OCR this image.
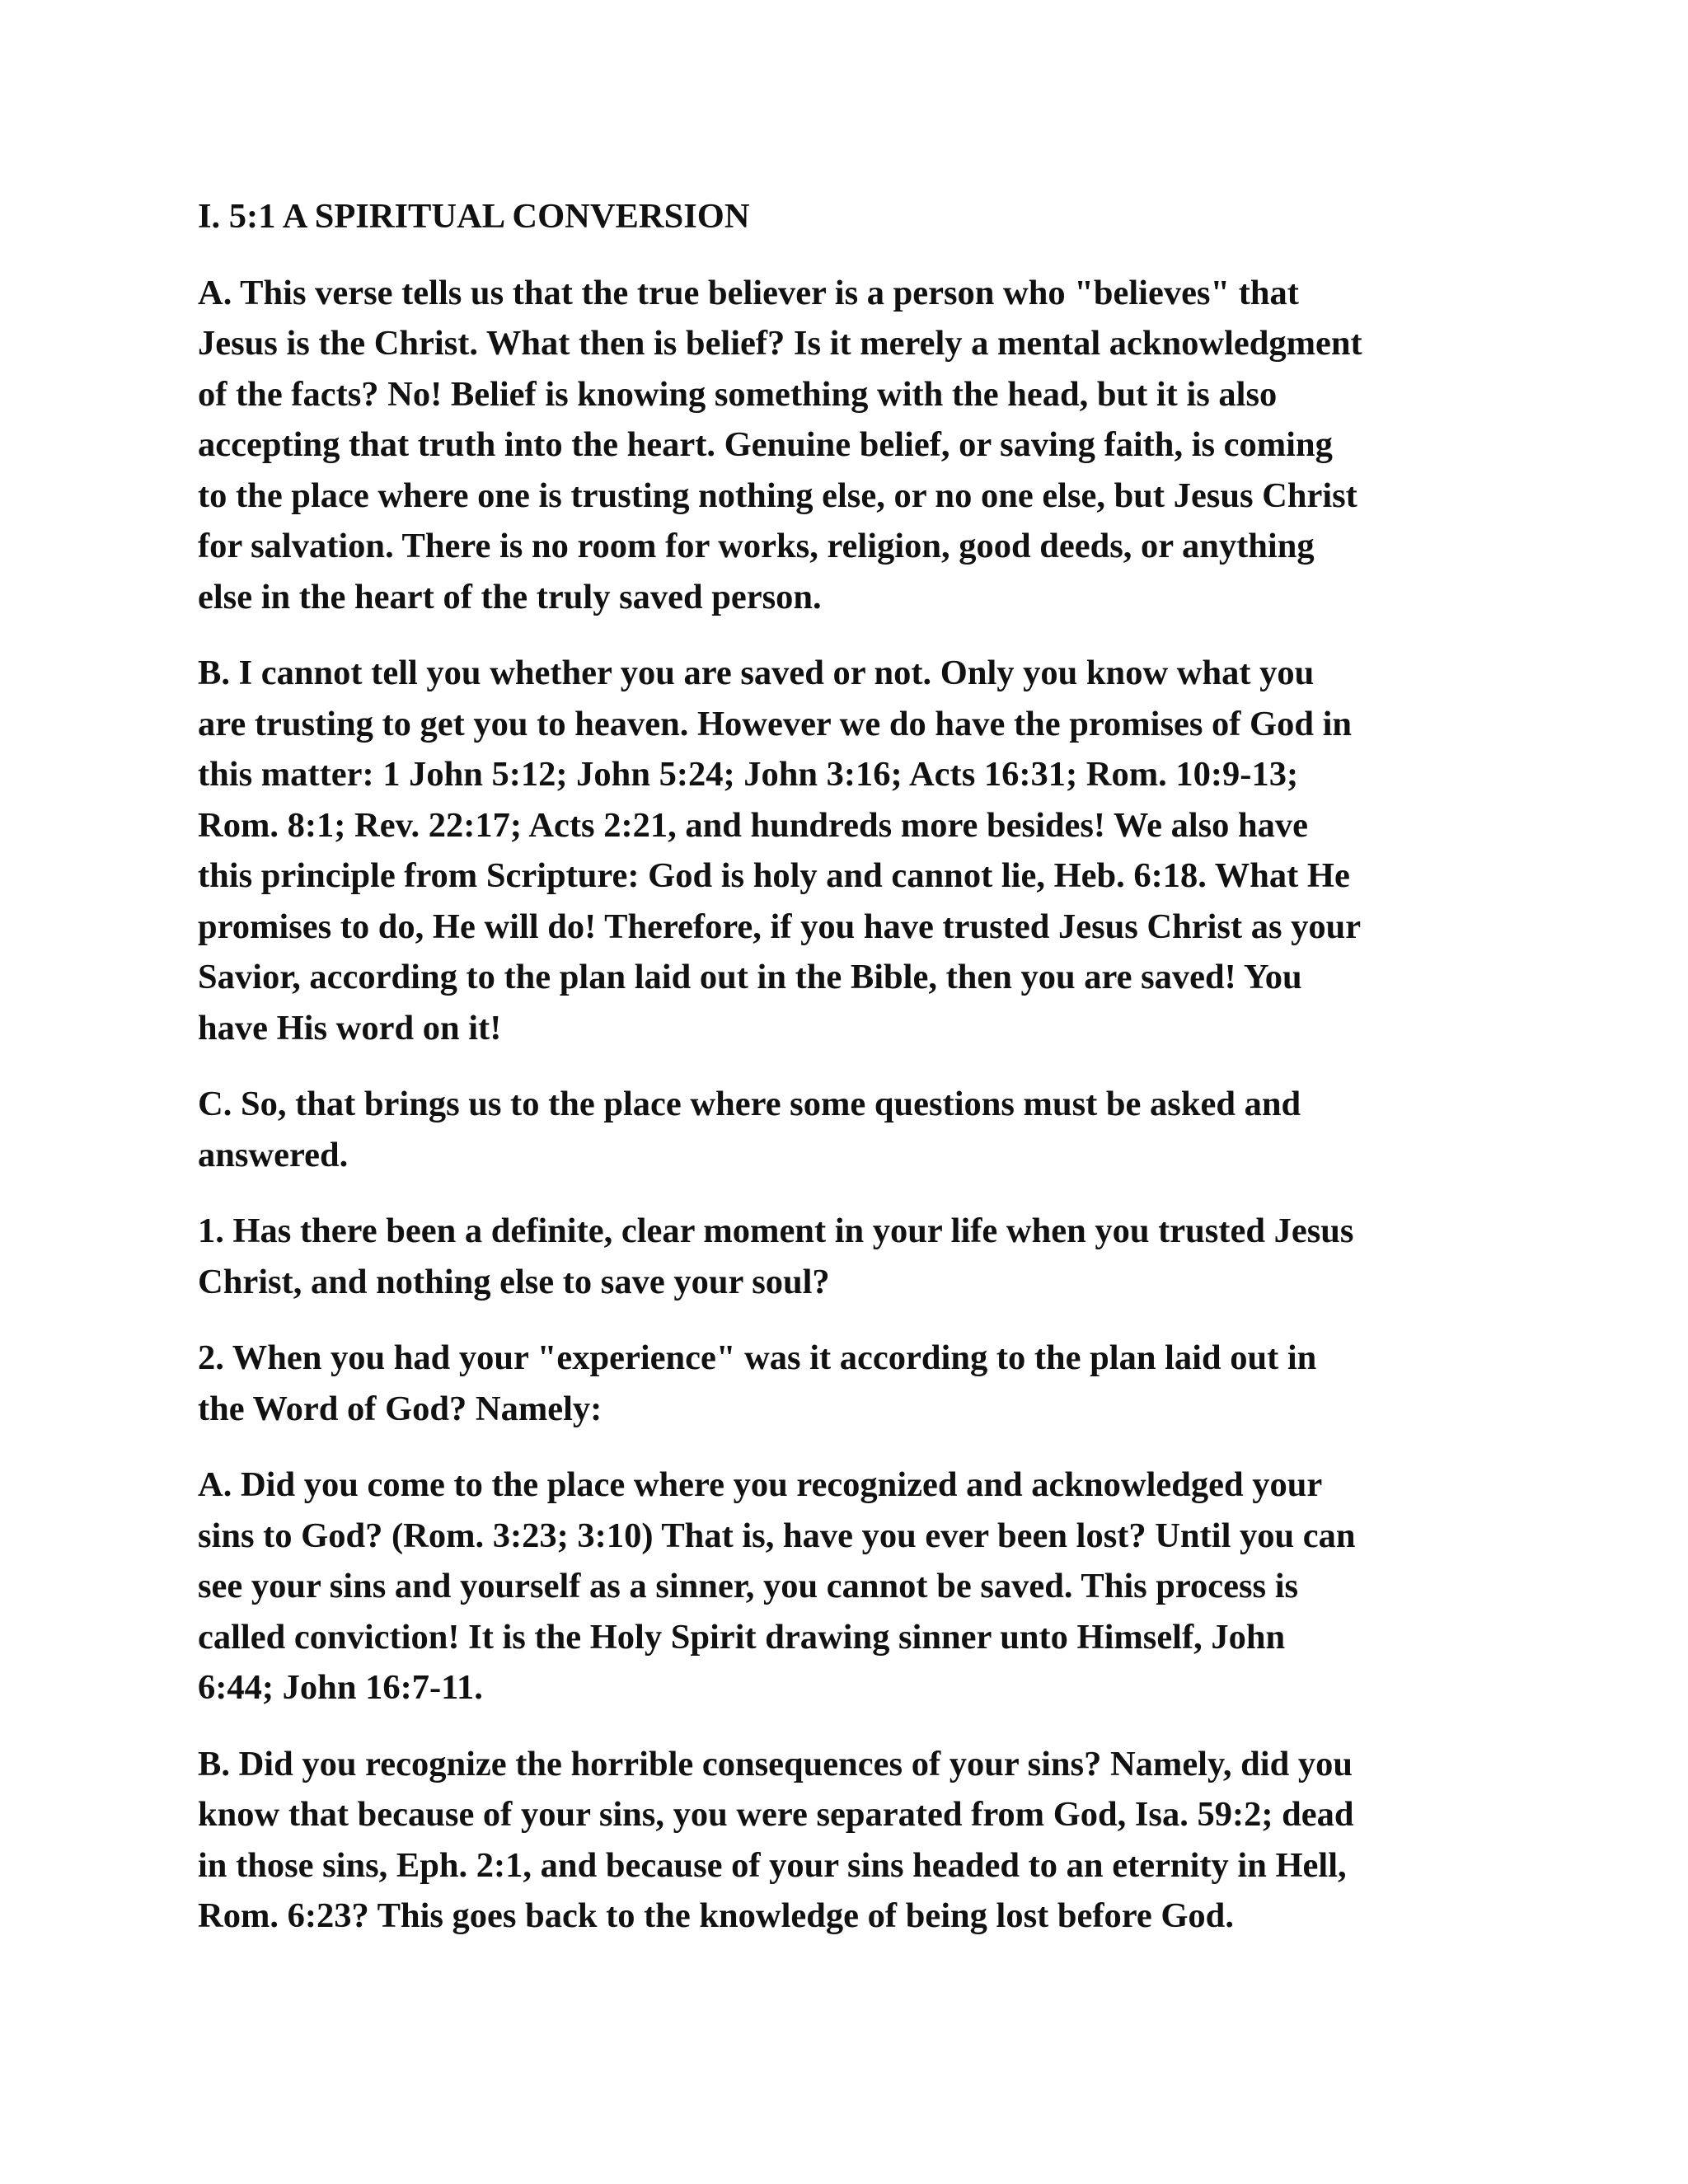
I. 5:1 A SPIRITUAL CONVERSION

A. This verse tells us that the true believer is a person who "believes" that
Jesus is the Christ. What then is belief? Is it merely a mental acknowledgment
of the facts? No! Belief is knowing something with the head, but it is also
accepting that truth into the heart. Genuine belief, or saving faith, is coming
to the place where one is trusting nothing else, or no one else, but Jesus Christ
for salvation. There is no room for works, religion, good deeds, or anything
else in the heart of the truly saved person.

B. I cannot tell you whether you are saved or not. Only you know what you
are trusting to get you to heaven. However we do have the promises of God in
this matter: 1 John 5:12; John 5:24; John 3:16; Acts 16:31; Rom. 10:9-13;
Rom. 8:1; Rev. 22:17; Acts 2:21, and hundreds more besides! We also have
this principle from Scripture: God is holy and cannot lie, Heb. 6:18. What He
promises to do, He will do! Therefore, if you have trusted Jesus Christ as your
Savior, according to the plan laid out in the Bible, then you are saved! You
have His word on it!

C. So, that brings us to the place where some questions must be asked and
answered.

1. Has there been a definite, clear moment in your life when you trusted Jesus
Christ, and nothing else to save your soul?

2. When you had your "experience" was it according to the plan laid out in
the Word of God? Namely:

A. Did you come to the place where you recognized and acknowledged your
sins to God? (Rom. 3:23; 3:10) That is, have you ever been lost? Until you can
see your sins and yourself as a sinner, you cannot be saved. This process is
called conviction! It is the Holy Spirit drawing sinner unto Himself, John
6:44; John 16:7-11.

B. Did you recognize the horrible consequences of your sins? Namely, did you
know that because of your sins, you were separated from God, Isa. 59:2; dead
in those sins, Eph. 2:1, and because of your sins headed to an eternity in Hell,
Rom. 6:23? This goes back to the knowledge of being lost before God.
